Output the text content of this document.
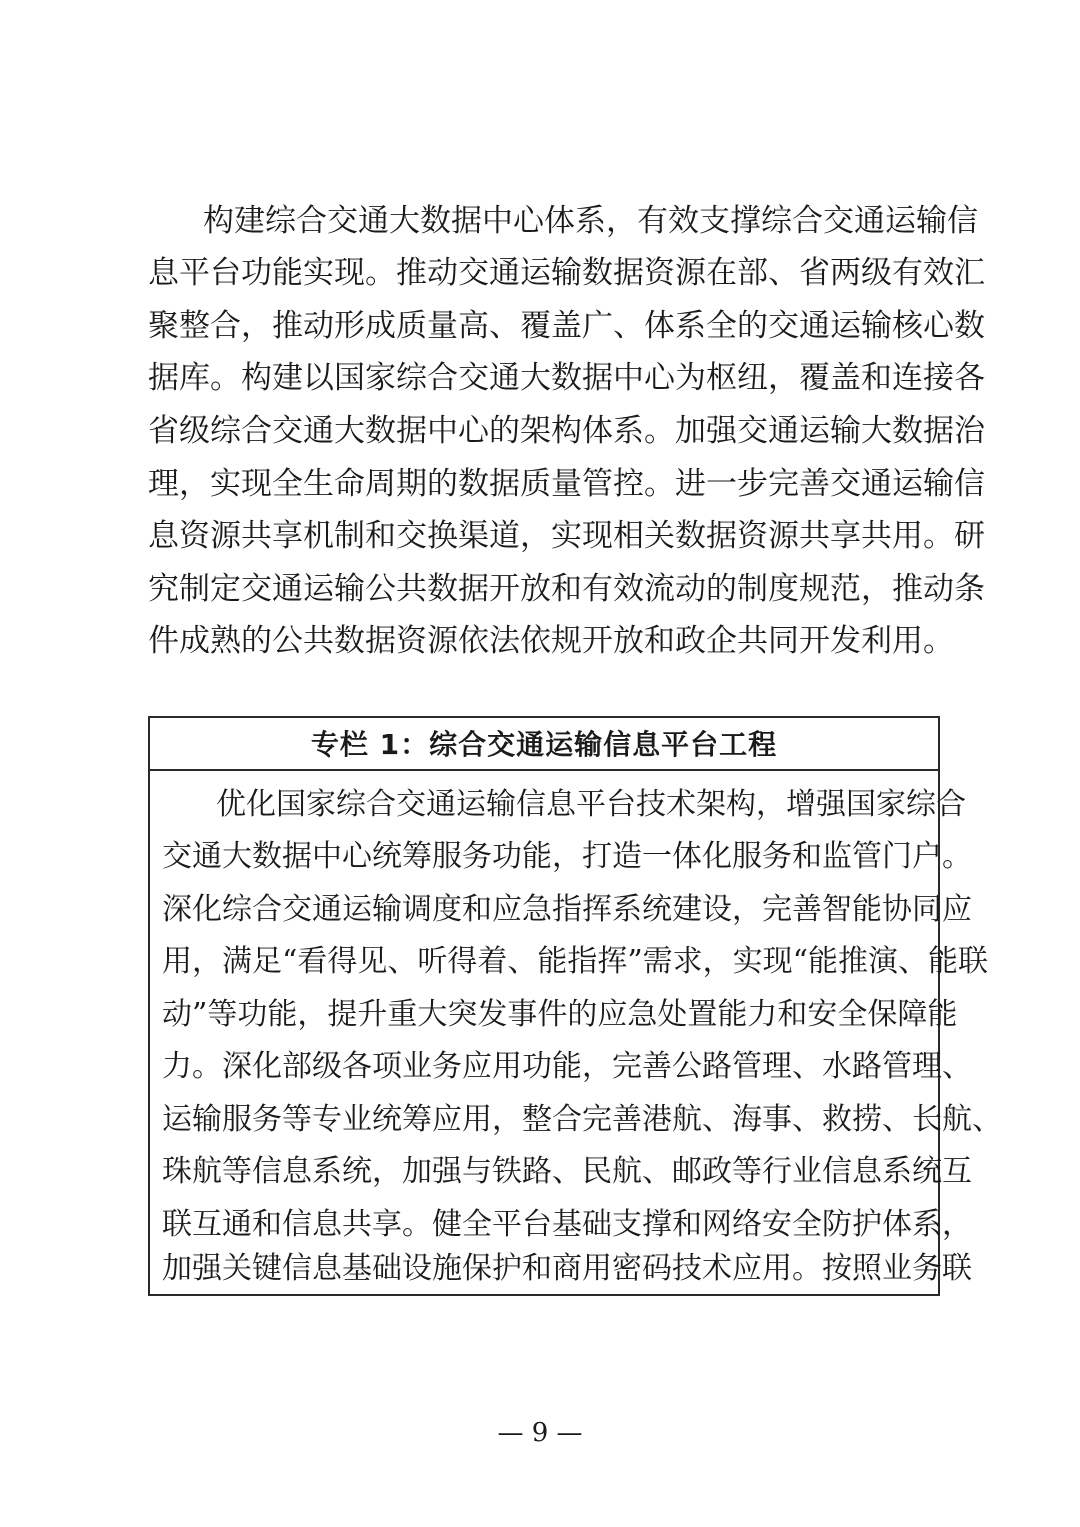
构建综合交通大数据中心体系，有效支撑综合交通运输信
息平台功能实现。推动交通运输数据资源在部、省两级有效汇
聚整合，推动形成质量高、覆盖广、体系全的交通运输核心数
据库。构建以国家综合交通大数据中心为枢纽，覆盖和连接各
省级综合交通大数据中心的架构体系。加强交通运输大数据治
理，实现全生命周期的数据质量管控。进一步完善交通运输信
息资源共享机制和交换渠道，实现相关数据资源共享共用。研
究制定交通运输公共数据开放和有效流动的制度规范，推动条
件成熟的公共数据资源依法依规开放和政企共同开发利用。
专栏 1：综合交通运输信息平台工程
优化国家综合交通运输信息平台技术架构，增强国家综合
交通大数据中心统筹服务功能，打造一体化服务和监管门户。
深化综合交通运输调度和应急指挥系统建设，完善智能协同应
用，满足“看得见、听得着、能指挥”需求，实现“能推演、能联
动”等功能，提升重大突发事件的应急处置能力和安全保障能
力。深化部级各项业务应用功能，完善公路管理、水路管理、
运输服务等专业统筹应用，整合完善港航、海事、救捞、长航、
珠航等信息系统，加强与铁路、民航、邮政等行业信息系统互
联互通和信息共享。健全平台基础支撑和网络安全防护体系，
加强关键信息基础设施保护和商用密码技术应用。按照业务联
— 9 —
